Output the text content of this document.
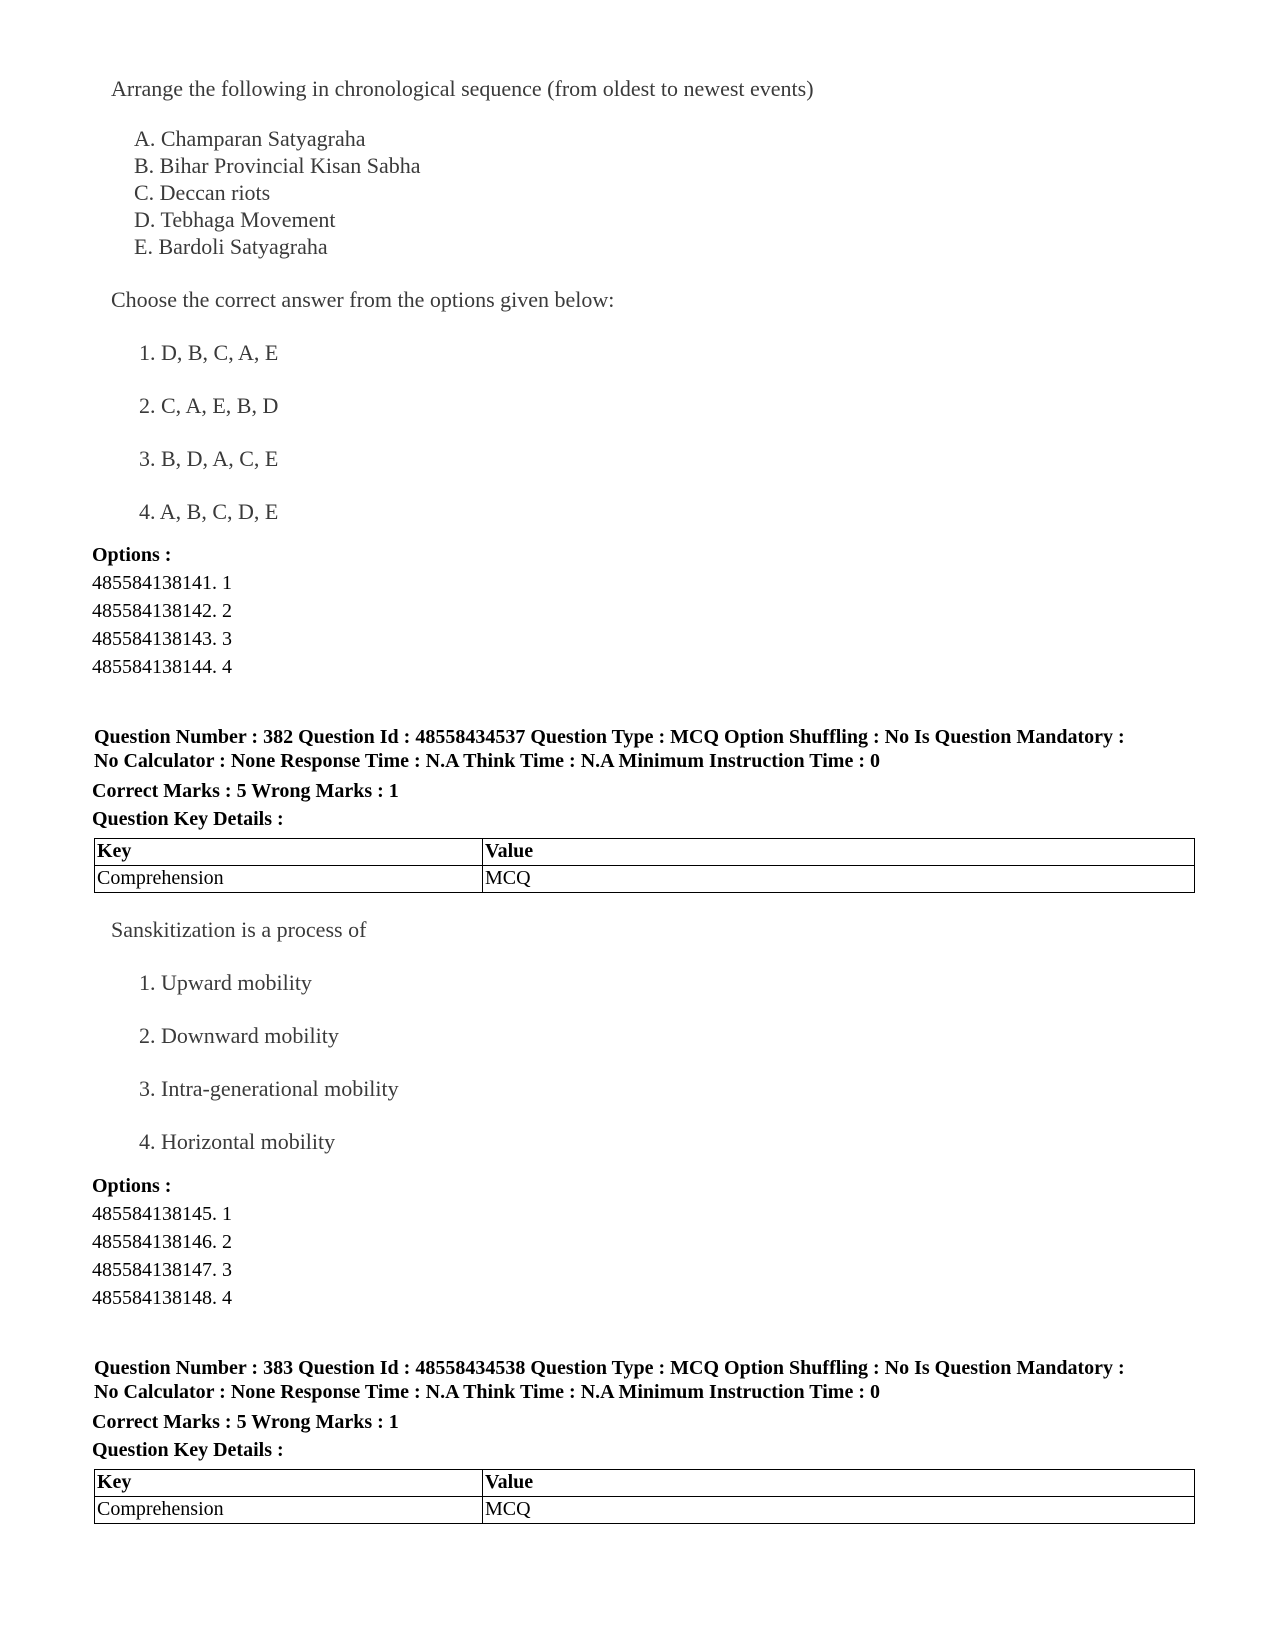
Arrange the following in chronological sequence (from oldest to newest events)
A. Champaran Satyagraha
B. Bihar Provincial Kisan Sabha
C. Deccan riots
D. Tebhaga Movement
E. Bardoli Satyagraha
Choose the correct answer from the options given below:
1. D, B, C, A, E
2. C, A, E, B, D
3. B, D, A, C, E
4. A, B, C, D, E
Options :
485584138141. 1
485584138142. 2
485584138143. 3
485584138144. 4
Question Number : 382 Question Id : 48558434537 Question Type : MCQ Option Shuffling : No Is Question Mandatory :
No Calculator : None Response Time : N.A Think Time : N.A Minimum Instruction Time : 0
Correct Marks : 5 Wrong Marks : 1
Question Key Details :
Key	Value
Comprehension	MCQ
Sanskitization is a process of
1. Upward mobility
2. Downward mobility
3. Intra-generational mobility
4. Horizontal mobility
Options :
485584138145. 1
485584138146. 2
485584138147. 3
485584138148. 4
Question Number : 383 Question Id : 48558434538 Question Type : MCQ Option Shuffling : No Is Question Mandatory :
No Calculator : None Response Time : N.A Think Time : N.A Minimum Instruction Time : 0
Correct Marks : 5 Wrong Marks : 1
Question Key Details :
Key	Value
Comprehension	MCQ
